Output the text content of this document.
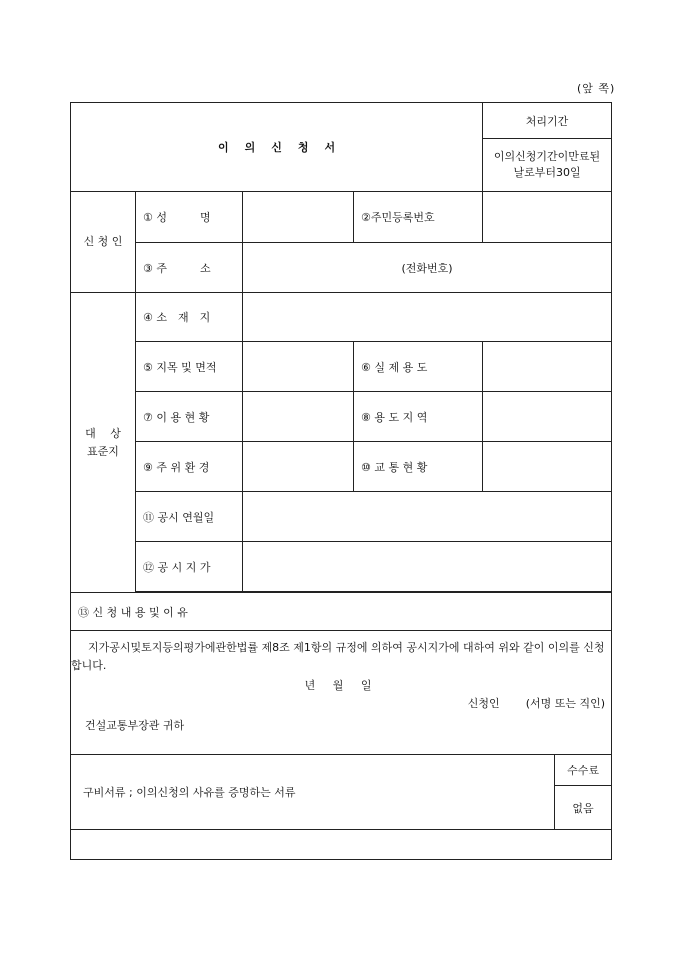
(앞 쪽)
이의신청서				처리기간	

				이의신청기간이만료된
날로부터30일	

신 청 인	① 성　　　명		②주민등록번호		
	③ 주　　　소	(전화번호)			

대　 상
표준지	④ 소　재　지				
	⑤ 지목 및 면적		⑥ 실 제 용 도		
	⑦ 이 용 현 황		⑧ 용 도 지 역		
	⑨ 주 위 환 경		⑩ 교 통 현 황		
	⑪ 공시 연월일				
	⑫ 공 시 지 가				

⑬ 신 청 내 용 및 이 유					

지가공시및토지등의평가에관한법률 제8조 제1항의 규정에 의하여 공시지가에 대하여 위와 같이 이의를 신청합니다.

년 월 일

신청인 (서명 또는 직인)

건설교통부장관 귀하					

구비서류 ; 이의신청의 사유를 증명하는 서류					수수료
					없음
